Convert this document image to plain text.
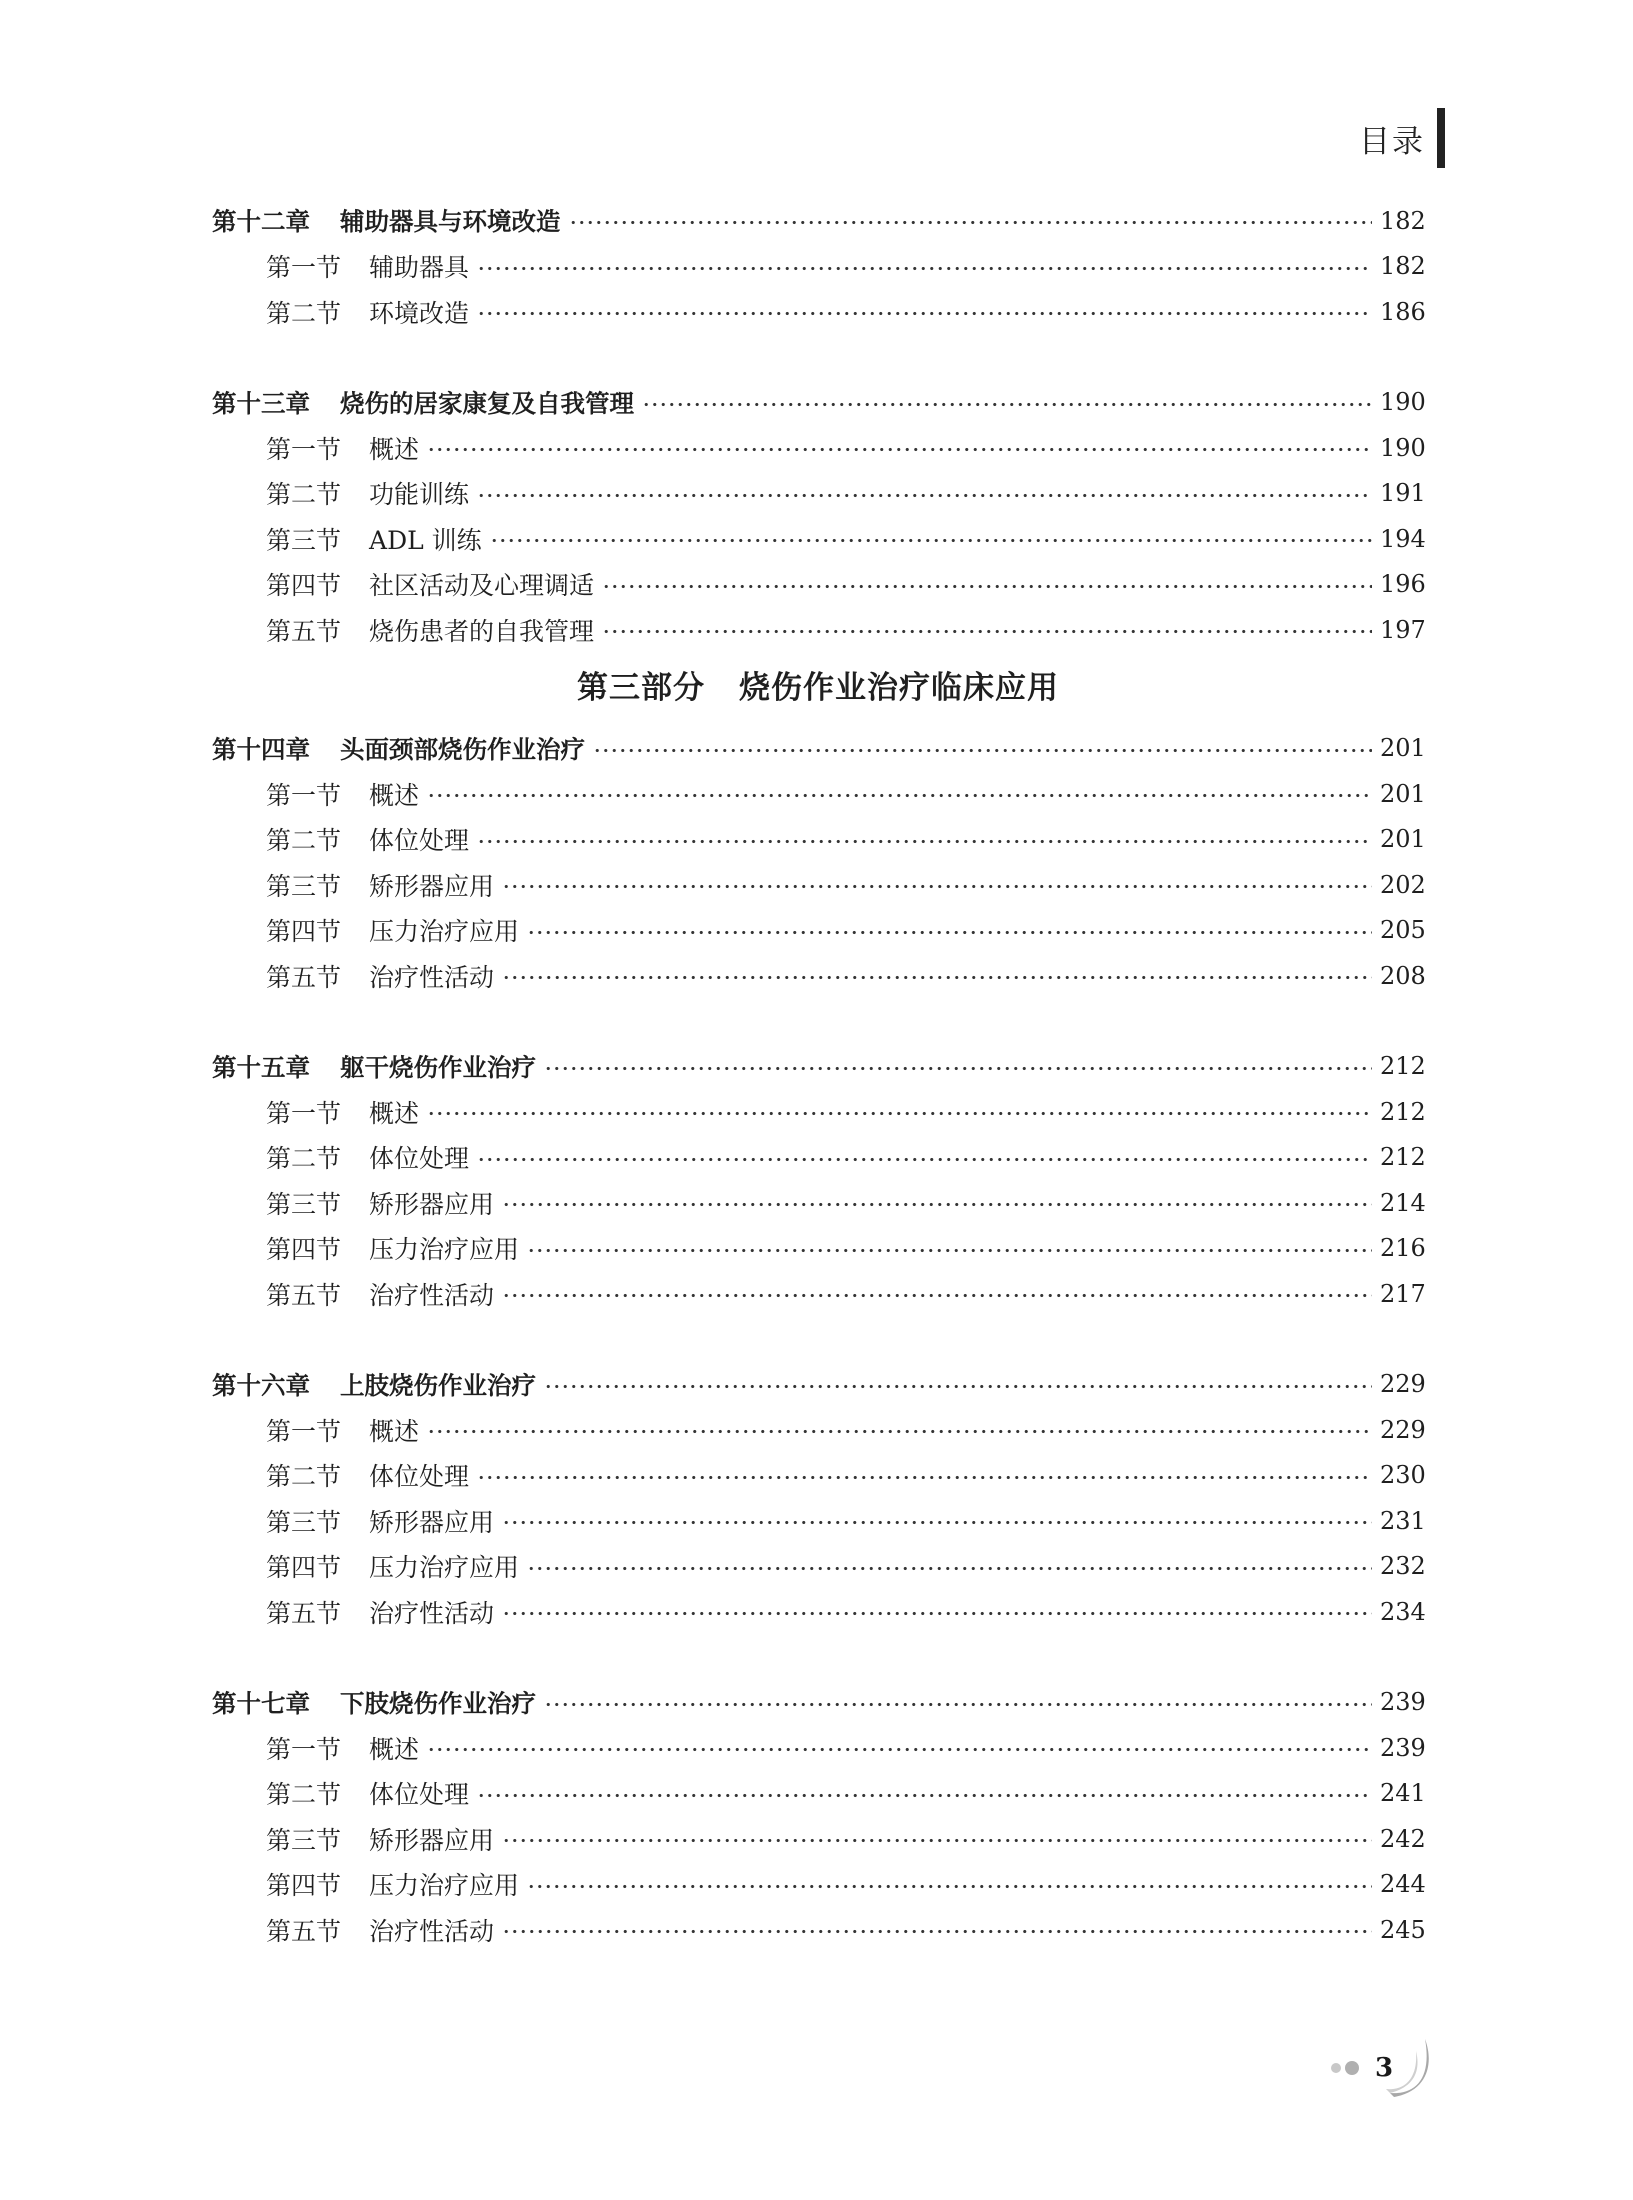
目录
第十二章 辅助器具与环境改造	182
第一节 辅助器具	182
第二节 环境改造	186
第十三章 烧伤的居家康复及自我管理	190
第一节 概述	190
第二节 功能训练	191
第三节 ADL 训练	194
第四节 社区活动及心理调适	196
第五节 烧伤患者的自我管理	197
第三部分 烧伤作业治疗临床应用
第十四章 头面颈部烧伤作业治疗	201
第一节 概述	201
第二节 体位处理	201
第三节 矫形器应用	202
第四节 压力治疗应用	205
第五节 治疗性活动	208
第十五章 躯干烧伤作业治疗	212
第一节 概述	212
第二节 体位处理	212
第三节 矫形器应用	214
第四节 压力治疗应用	216
第五节 治疗性活动	217
第十六章 上肢烧伤作业治疗	229
第一节 概述	229
第二节 体位处理	230
第三节 矫形器应用	231
第四节 压力治疗应用	232
第五节 治疗性活动	234
第十七章 下肢烧伤作业治疗	239
第一节 概述	239
第二节 体位处理	241
第三节 矫形器应用	242
第四节 压力治疗应用	244
第五节 治疗性活动	245
3
